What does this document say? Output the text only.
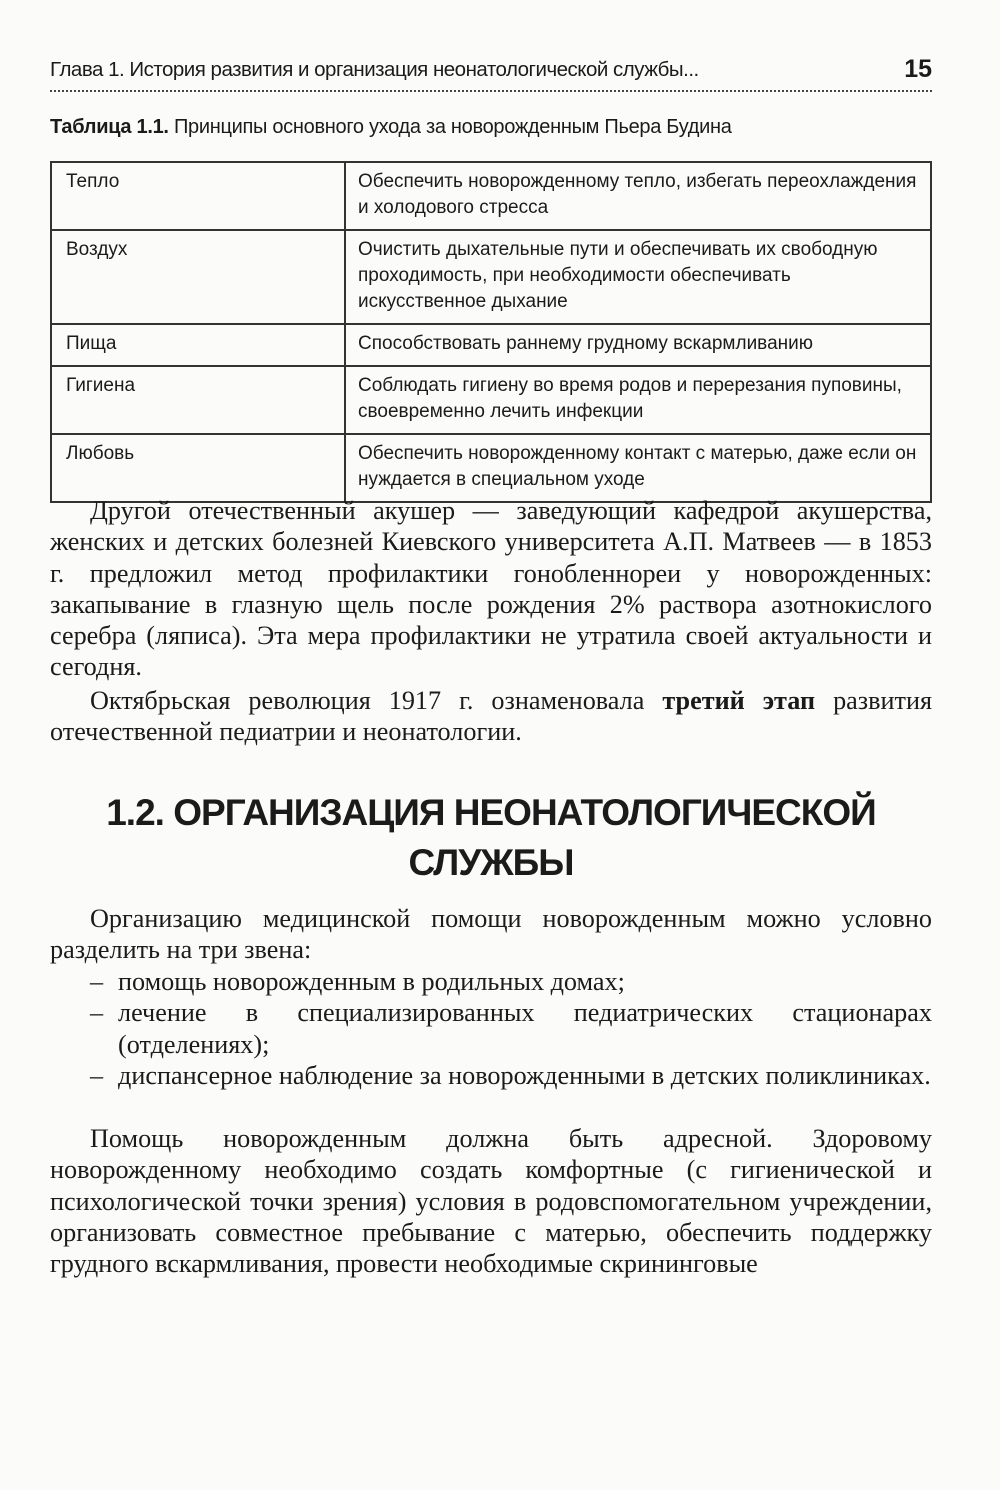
Глава 1. История развития и организация неонатологической службы...	15
Таблица 1.1. Принципы основного ухода за новорожденным Пьера Будина
Тепло	Обеспечить новорожденному тепло, избегать переохлаждения и холодового стресса
Воздух	Очистить дыхательные пути и обеспечивать их свободную проходимость, при необходимости обеспечивать искусственное дыхание
Пища	Способствовать раннему грудному вскармливанию
Гигиена	Соблюдать гигиену во время родов и перерезания пуповины, своевременно лечить инфекции
Любовь	Обеспечить новорожденному контакт с матерью, даже если он нуждается в специальном уходе

Другой отечественный акушер — заведующий кафедрой акушерства, женских и детских болезней Киевского университета А.П. Матвеев — в 1853 г. предложил метод профилактики гонобленнореи у новорожденных: закапывание в глазную щель после рождения 2% раствора азотнокислого серебра (ляписа). Эта мера профилактики не утратила своей актуальности и сегодня.

Октябрьская революция 1917 г. ознаменовала третий этап развития отечественной педиатрии и неонатологии.

1.2. ОРГАНИЗАЦИЯ НЕОНАТОЛОГИЧЕСКОЙ
СЛУЖБЫ

Организацию медицинской помощи новорожденным можно условно разделить на три звена:

– помощь новорожденным в родильных домах;
– лечение в специализированных педиатрических стационарах (отделениях);
– диспансерное наблюдение за новорожденными в детских поликлиниках.

Помощь новорожденным должна быть адресной. Здоровому новорожденному необходимо создать комфортные (с гигиенической и психологической точки зрения) условия в родовспомогательном учреждении, организовать совместное пребывание с матерью, обеспечить поддержку грудного вскармливания, провести необходимые скрининговые
